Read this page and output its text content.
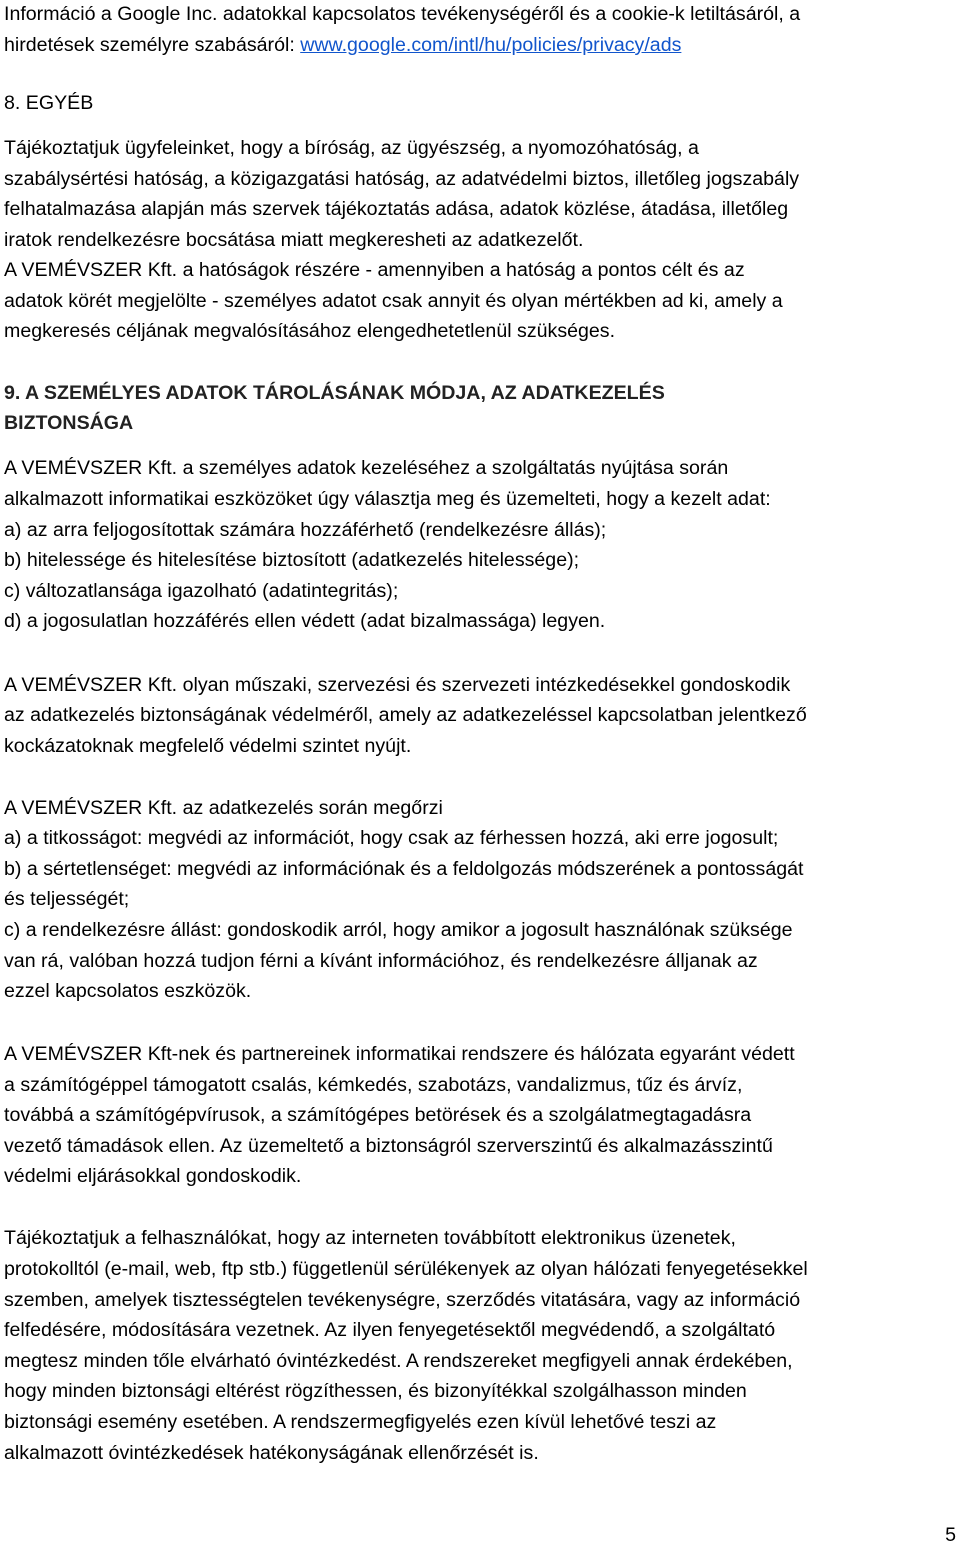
Információ a Google Inc. adatokkal kapcsolatos tevékenységéről és a cookie-k letiltásáról, a
hirdetések személyre szabásáról: www.google.com/intl/hu/policies/privacy/ads
8. EGYÉB
Tájékoztatjuk ügyfeleinket, hogy a bíróság, az ügyészség, a nyomozóhatóság, a
szabálysértési hatóság, a közigazgatási hatóság, az adatvédelmi biztos, illetőleg jogszabály
felhatalmazása alapján más szervek tájékoztatás adása, adatok közlése, átadása, illetőleg
iratok rendelkezésre bocsátása miatt megkeresheti az adatkezelőt.
A VEMÉVSZER Kft. a hatóságok részére - amennyiben a hatóság a pontos célt és az
adatok körét megjelölte - személyes adatot csak annyit és olyan mértékben ad ki, amely a
megkeresés céljának megvalósításához elengedhetetlenül szükséges.
9. A SZEMÉLYES ADATOK TÁROLÁSÁNAK MÓDJA, AZ ADATKEZELÉS
BIZTONSÁGA
A VEMÉVSZER Kft. a személyes adatok kezeléséhez a szolgáltatás nyújtása során
alkalmazott informatikai eszközöket úgy választja meg és üzemelteti, hogy a kezelt adat:
a) az arra feljogosítottak számára hozzáférhető (rendelkezésre állás);
b) hitelessége és hitelesítése biztosított (adatkezelés hitelessége);
c) változatlansága igazolható (adatintegritás);
d) a jogosulatlan hozzáférés ellen védett (adat bizalmassága) legyen.
A VEMÉVSZER Kft. olyan műszaki, szervezési és szervezeti intézkedésekkel gondoskodik
az adatkezelés biztonságának védelméről, amely az adatkezeléssel kapcsolatban jelentkező
kockázatoknak megfelelő védelmi szintet nyújt.
A VEMÉVSZER Kft. az adatkezelés során megőrzi
a) a titkosságot: megvédi az információt, hogy csak az férhessen hozzá, aki erre jogosult;
b) a sértetlenséget: megvédi az információnak és a feldolgozás módszerének a pontosságát
és teljességét;
c) a rendelkezésre állást: gondoskodik arról, hogy amikor a jogosult használónak szüksége
van rá, valóban hozzá tudjon férni a kívánt információhoz, és rendelkezésre álljanak az
ezzel kapcsolatos eszközök.
A VEMÉVSZER Kft-nek és partnereinek informatikai rendszere és hálózata egyaránt védett
a számítógéppel támogatott csalás, kémkedés, szabotázs, vandalizmus, tűz és árvíz,
továbbá a számítógépvírusok, a számítógépes betörések és a szolgálatmegtagadásra
vezető támadások ellen. Az üzemeltető a biztonságról szerverszintű és alkalmazásszintű
védelmi eljárásokkal gondoskodik.
Tájékoztatjuk a felhasználókat, hogy az interneten továbbított elektronikus üzenetek,
protokolltól (e-mail, web, ftp stb.) függetlenül sérülékenyek az olyan hálózati fenyegetésekkel
szemben, amelyek tisztességtelen tevékenységre, szerződés vitatására, vagy az információ
felfedésére, módosítására vezetnek. Az ilyen fenyegetésektől megvédendő, a szolgáltató
megtesz minden tőle elvárható óvintézkedést. A rendszereket megfigyeli annak érdekében,
hogy minden biztonsági eltérést rögzíthessen, és bizonyítékkal szolgálhasson minden
biztonsági esemény esetében. A rendszermegfigyelés ezen kívül lehetővé teszi az
alkalmazott óvintézkedések hatékonyságának ellenőrzését is.
5
